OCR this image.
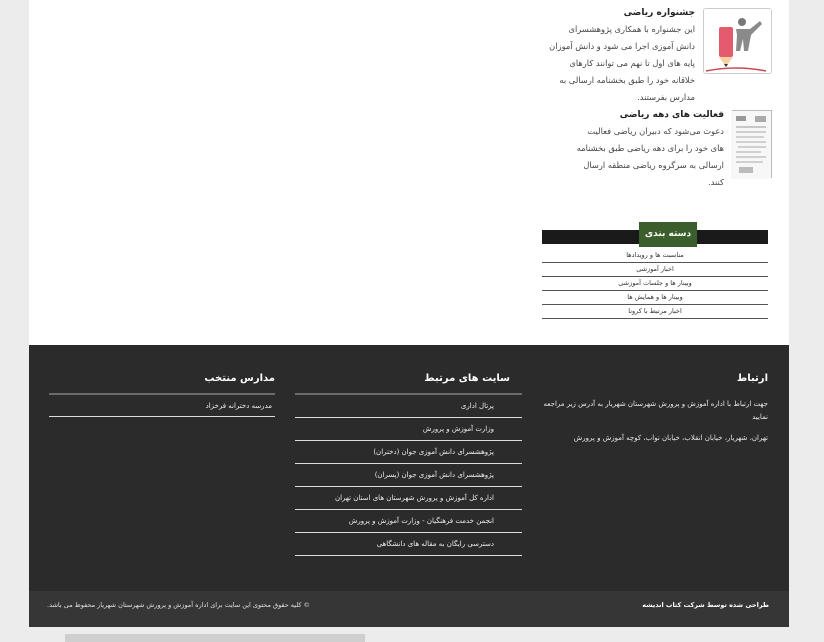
جشنواره ریاضی
این جشنواره با همکاری پژوهشسرای دانش آموزی اجرا می شود و دانش آموزان پایه های اول تا نهم می توانند کارهای خلاقانه خود را طبق بخشنامه ارسالی به مدارس بفرستند.
فعالیت های دهه ریاضی
دعوت می‌شود که دبیران ریاضی فعالیت های خود را برای دهه ریاضی طبق بخشنامه ارسالی به سرگروه ریاضی منطقه ارسال کنند.
دسته بندی
مناسبت ها و رویدادها
اخبار آموزشی
وبینار ها و جلسات آموزشی
وبینار ها و همایش ها
اخبار مرتبط با کرونا
ارتباط

جهت ارتباط با اداره آموزش و پرورش شهرستان شهریار به آدرس زیر مراجعه نمایید

تهران، شهریار، خیابان انقلاب، خیابان نواب، کوچه آموزش و پرورش

سایت های مرتبط
پرتال اداری
وزارت آموزش و پرورش
پژوهشسرای دانش آموزی جوان (دختران)
پژوهشسرای دانش آموزی جوان (پسران)
اداره کل آموزش و پرورش شهرستان های استان تهران
انجمن خدمت فرهنگیان - وزارت آموزش و پرورش
دسترسی رایگان به مقاله های دانشگاهی
مدارس منتخب
مدرسه دخترانه فرخزاد
طراحی شده توسط شرکت کتاب اندیشه
© کلیه حقوق محتوی این سایت برای اداره آموزش و پرورش شهرستان شهریار محفوظ می باشد.
